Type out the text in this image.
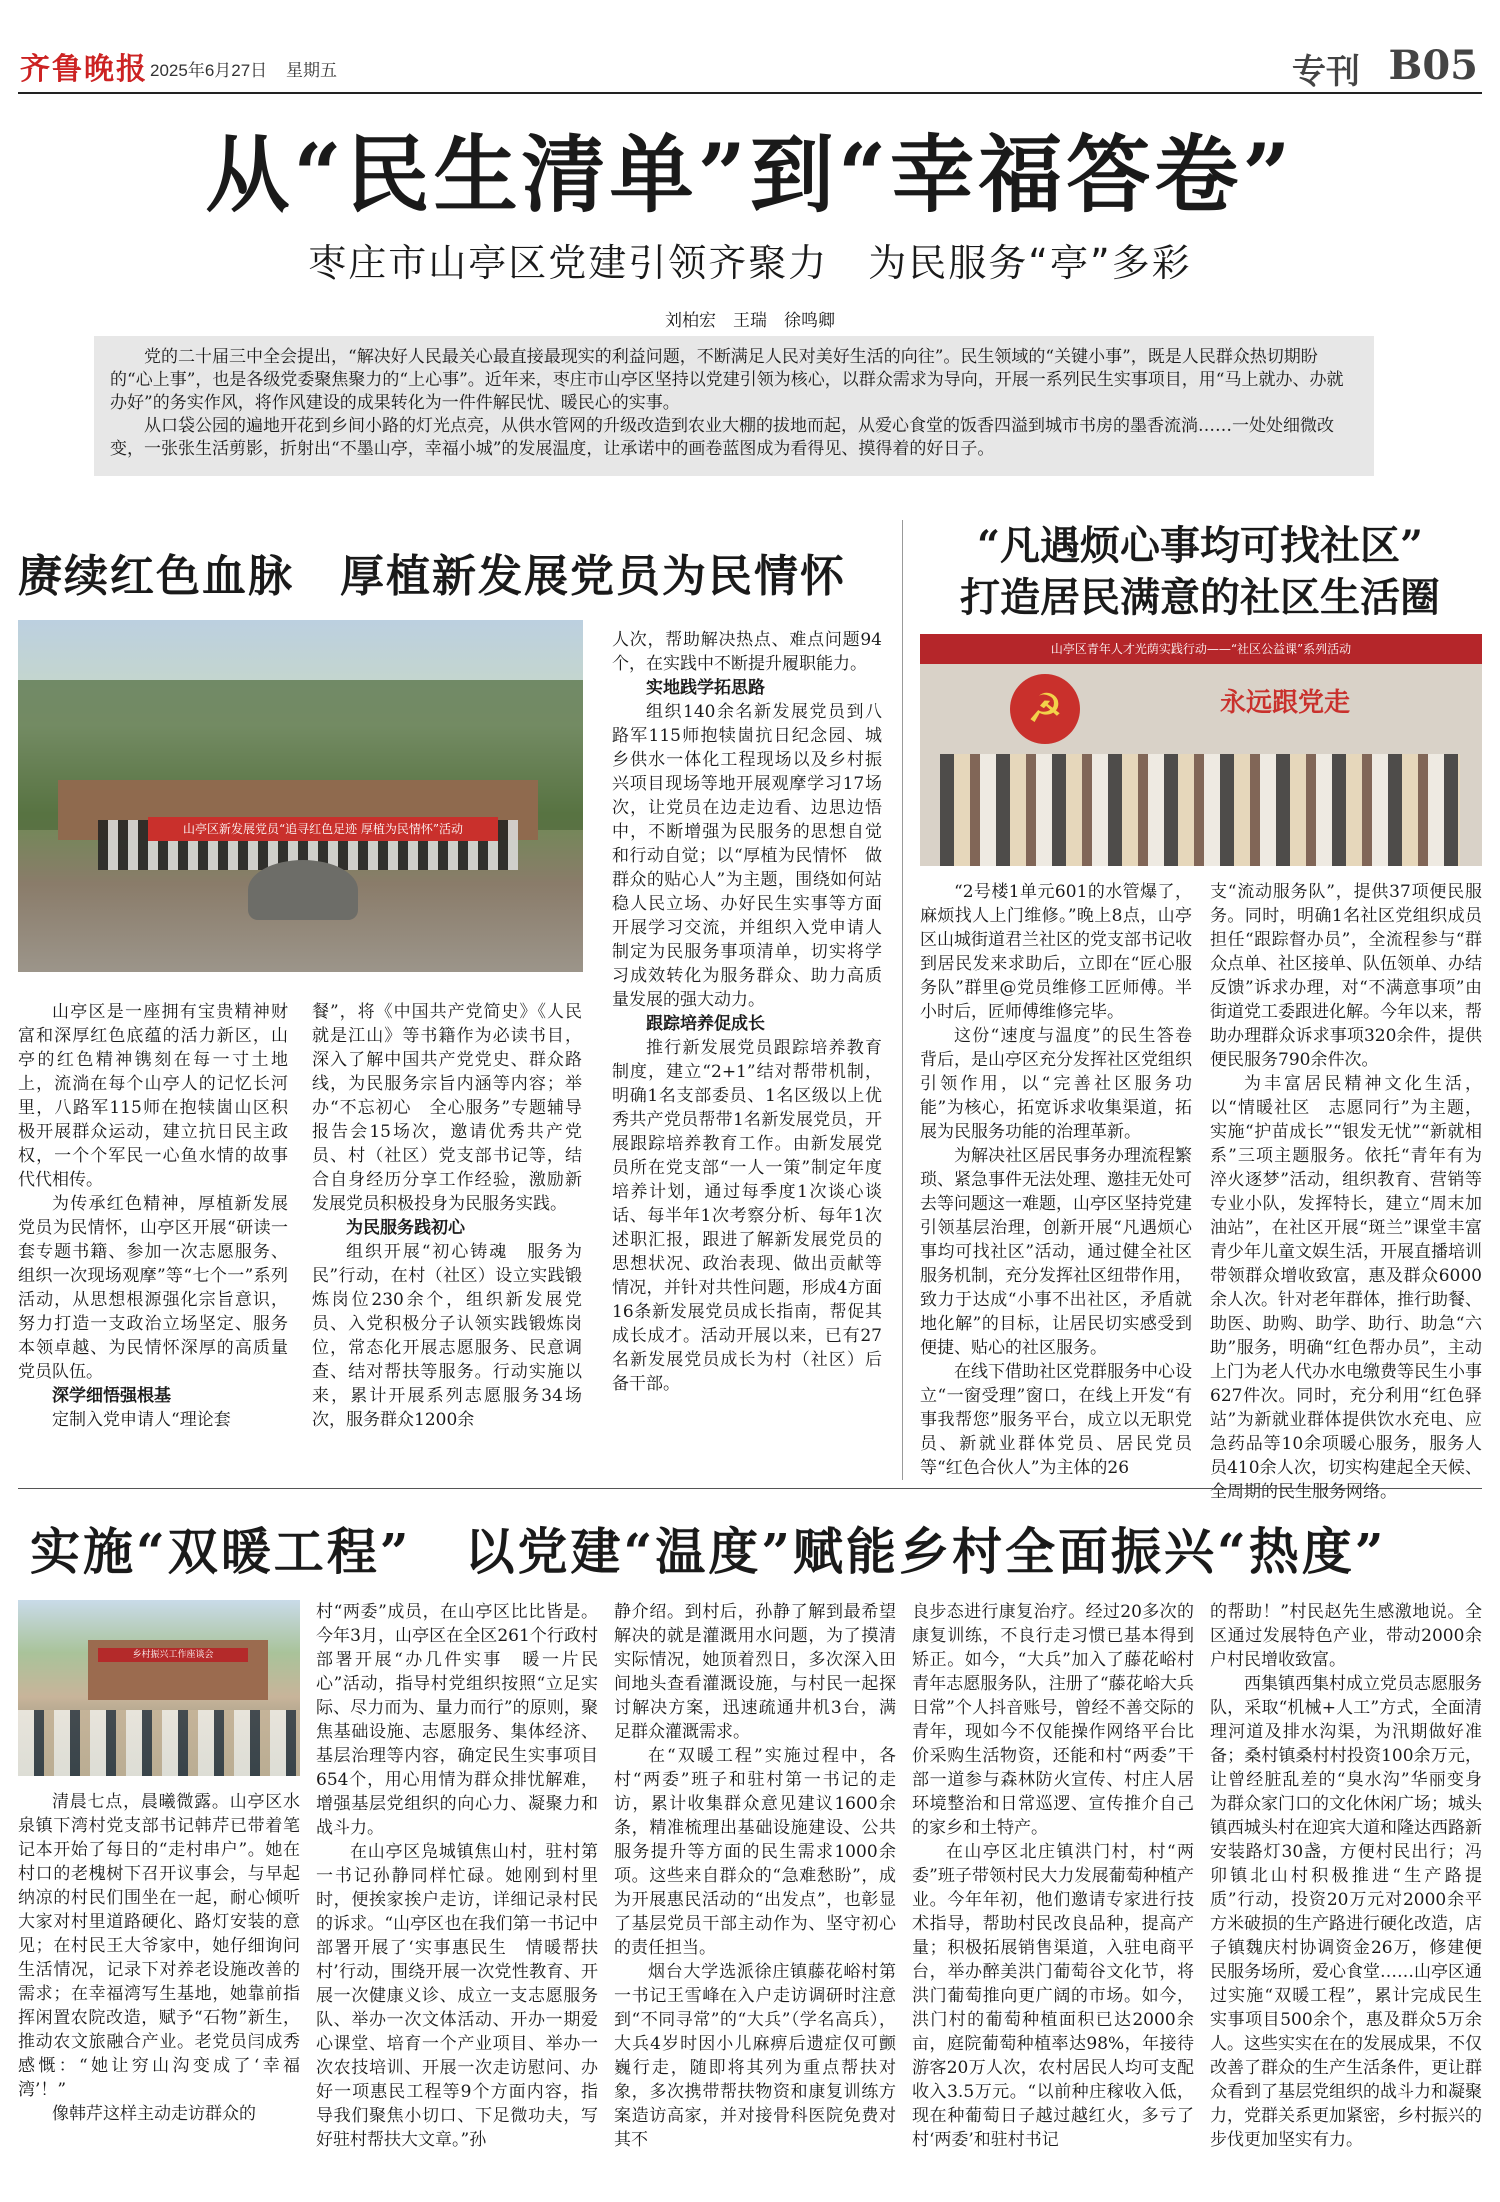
齐鲁晚报 2025年6月27日 星期五	专刊 B05
从“民生清单”到“幸福答卷”
枣庄市山亭区党建引领齐聚力　为民服务“亭”多彩
刘柏宏　王瑞　徐鸣卿

党的二十届三中全会提出，“解决好人民最关心最直接最现实的利益问题，不断满足人民对美好生活的向往”。民生领域的“关键小事”，既是人民群众热切期盼的“心上事”，也是各级党委聚焦聚力的“上心事”。近年来，枣庄市山亭区坚持以党建引领为核心，以群众需求为导向，开展一系列民生实事项目，用“马上就办、办就办好”的务实作风，将作风建设的成果转化为一件件解民忧、暖民心的实事。

从口袋公园的遍地开花到乡间小路的灯光点亮，从供水管网的升级改造到农业大棚的拔地而起，从爱心食堂的饭香四溢到城市书房的墨香流淌……一处处细微改变，一张张生活剪影，折射出“不墨山亭，幸福小城”的发展温度，让承诺中的画卷蓝图成为看得见、摸得着的好日子。

赓续红色血脉　厚植新发展党员为民情怀
山亭区新发展党员“追寻红色足迹 厚植为民情怀”活动

山亭区是一座拥有宝贵精神财富和深厚红色底蕴的活力新区，山亭的红色精神镌刻在每一寸土地上，流淌在每个山亭人的记忆长河里，八路军115师在抱犊崮山区积极开展群众运动，建立抗日民主政权，一个个军民一心鱼水情的故事代代相传。

为传承红色精神，厚植新发展党员为民情怀，山亭区开展“研读一套专题书籍、参加一次志愿服务、组织一次现场观摩”等“七个一”系列活动，从思想根源强化宗旨意识，努力打造一支政治立场坚定、服务本领卓越、为民情怀深厚的高质量党员队伍。

深学细悟强根基

定制入党申请人“理论套

餐”，将《中国共产党简史》《人民就是江山》等书籍作为必读书目，深入了解中国共产党党史、群众路线，为民服务宗旨内涵等内容；举办“不忘初心　全心服务”专题辅导报告会15场次，邀请优秀共产党员、村（社区）党支部书记等，结合自身经历分享工作经验，激励新发展党员积极投身为民服务实践。

为民服务践初心

组织开展“初心铸魂　服务为民”行动，在村（社区）设立实践锻炼岗位230余个，组织新发展党员、入党积极分子认领实践锻炼岗位，常态化开展志愿服务、民意调查、结对帮扶等服务。行动实施以来，累计开展系列志愿服务34场次，服务群众1200余

人次，帮助解决热点、难点问题94个，在实践中不断提升履职能力。

实地践学拓思路

组织140余名新发展党员到八路军115师抱犊崮抗日纪念园、城乡供水一体化工程现场以及乡村振兴项目现场等地开展观摩学习17场次，让党员在边走边看、边思边悟中，不断增强为民服务的思想自觉和行动自觉；以“厚植为民情怀　做群众的贴心人”为主题，围绕如何站稳人民立场、办好民生实事等方面开展学习交流，并组织入党申请人制定为民服务事项清单，切实将学习成效转化为服务群众、助力高质量发展的强大动力。

跟踪培养促成长

推行新发展党员跟踪培养教育制度，建立“2+1”结对帮带机制，明确1名支部委员、1名区级以上优秀共产党员帮带1名新发展党员，开展跟踪培养教育工作。由新发展党员所在党支部“一人一策”制定年度培养计划，通过每季度1次谈心谈话、每半年1次考察分析、每年1次述职汇报，跟进了解新发展党员的思想状况、政治表现、做出贡献等情况，并针对共性问题，形成4方面16条新发展党员成长指南，帮促其成长成才。活动开展以来，已有27名新发展党员成长为村（社区）后备干部。

“凡遇烦心事均可找社区”
打造居民满意的社区生活圈
山亭区青年人才光荫实践行动——“社区公益课”系列活动
☭	永远跟党走

“2号楼1单元601的水管爆了，麻烦找人上门维修。”晚上8点，山亭区山城街道君兰社区的党支部书记收到居民发来求助后，立即在“匠心服务队”群里@党员维修工匠师傅。半小时后，匠师傅维修完毕。

这份“速度与温度”的民生答卷背后，是山亭区充分发挥社区党组织引领作用，以“完善社区服务功能”为核心，拓宽诉求收集渠道，拓展为民服务功能的治理革新。

为解决社区居民事务办理流程繁琐、紧急事件无法处理、邀挂无处可去等问题这一难题，山亭区坚持党建引领基层治理，创新开展“凡遇烦心事均可找社区”活动，通过健全社区服务机制，充分发挥社区纽带作用，致力于达成“小事不出社区，矛盾就地化解”的目标，让居民切实感受到便捷、贴心的社区服务。

在线下借助社区党群服务中心设立“一窗受理”窗口，在线上开发“有事我帮您”服务平台，成立以无职党员、新就业群体党员、居民党员等“红色合伙人”为主体的26

支“流动服务队”，提供37项便民服务。同时，明确1名社区党组织成员担任“跟踪督办员”，全流程参与“群众点单、社区接单、队伍领单、办结反馈”诉求办理，对“不满意事项”由街道党工委跟进化解。今年以来，帮助办理群众诉求事项320余件，提供便民服务790余件次。

为丰富居民精神文化生活，以“情暖社区　志愿同行”为主题，实施“护苗成长”“银发无忧”“新就相系”三项主题服务。依托“青年有为　淬火逐梦”活动，组织教育、营销等专业小队，发挥特长，建立“周末加油站”，在社区开展“斑兰”课堂丰富青少年儿童文娱生活，开展直播培训带领群众增收致富，惠及群众6000余人次。针对老年群体，推行助餐、助医、助购、助学、助行、助急“六助”服务，明确“红色帮办员”，主动上门为老人代办水电缴费等民生小事627件次。同时，充分利用“红色驿站”为新就业群体提供饮水充电、应急药品等10余项暖心服务，服务人员410余人次，切实构建起全天候、全周期的民生服务网络。

实施“双暖工程”　以党建“温度”赋能乡村全面振兴“热度”
乡村振兴工作座谈会

清晨七点，晨曦微露。山亭区水泉镇下湾村党支部书记韩芹已带着笔记本开始了每日的“走村串户”。她在村口的老槐树下召开议事会，与早起纳凉的村民们围坐在一起，耐心倾听大家对村里道路硬化、路灯安装的意见；在村民王大爷家中，她仔细询问生活情况，记录下对养老设施改善的需求；在幸福湾写生基地，她靠前指挥闲置农院改造，赋予“石物”新生，推动农文旅融合产业。老党员闫成秀感慨：“她让穷山沟变成了‘幸福湾’！”

像韩芹这样主动走访群众的

村“两委”成员，在山亭区比比皆是。今年3月，山亭区在全区261个行政村部署开展“办几件实事　暖一片民心”活动，指导村党组织按照“立足实际、尽力而为、量力而行”的原则，聚焦基础设施、志愿服务、集体经济、基层治理等内容，确定民生实事项目654个，用心用情为群众排忧解难，增强基层党组织的向心力、凝聚力和战斗力。

在山亭区凫城镇焦山村，驻村第一书记孙静同样忙碌。她刚到村里时，便挨家挨户走访，详细记录村民的诉求。“山亭区也在我们第一书记中部署开展了‘实事惠民生　情暖帮扶村’行动，围绕开展一次党性教育、开展一次健康义诊、成立一支志愿服务队、举办一次文体活动、开办一期爱心课堂、培育一个产业项目、举办一次农技培训、开展一次走访慰问、办好一项惠民工程等9个方面内容，指导我们聚焦小切口、下足微功夫，写好驻村帮扶大文章。”孙

静介绍。到村后，孙静了解到最希望解决的就是灌溉用水问题，为了摸清实际情况，她顶着烈日，多次深入田间地头查看灌溉设施，与村民一起探讨解决方案，迅速疏通井机3台，满足群众灌溉需求。

在“双暖工程”实施过程中，各村“两委”班子和驻村第一书记的走访，累计收集群众意见建议1600余条，精准梳理出基础设施建设、公共服务提升等方面的民生需求1000余项。这些来自群众的“急难愁盼”，成为开展惠民活动的“出发点”，也彰显了基层党员干部主动作为、坚守初心的责任担当。

烟台大学选派徐庄镇藤花峪村第一书记王雪峰在入户走访调研时注意到“不同寻常”的“大兵”（学名高兵），大兵4岁时因小儿麻痹后遗症仅可颤巍行走，随即将其列为重点帮扶对象，多次携带帮扶物资和康复训练方案造访高家，并对接骨科医院免费对其不

良步态进行康复治疗。经过20多次的康复训练，不良行走习惯已基本得到矫正。如今，“大兵”加入了藤花峪村青年志愿服务队，注册了“藤花峪大兵日常”个人抖音账号，曾经不善交际的青年，现如今不仅能操作网络平台比价采购生活物资，还能和村“两委”干部一道参与森林防火宣传、村庄人居环境整治和日常巡逻、宣传推介自己的家乡和土特产。

在山亭区北庄镇洪门村，村“两委”班子带领村民大力发展葡萄种植产业。今年年初，他们邀请专家进行技术指导，帮助村民改良品种，提高产量；积极拓展销售渠道，入驻电商平台，举办醉美洪门葡萄谷文化节，将洪门葡萄推向更广阔的市场。如今，洪门村的葡萄种植面积已达2000余亩，庭院葡萄种植率达98%，年接待游客20万人次，农村居民人均可支配收入3.5万元。“以前种庄稼收入低，现在种葡萄日子越过越红火，多亏了村‘两委’和驻村书记

的帮助！”村民赵先生感激地说。全区通过发展特色产业，带动2000余户村民增收致富。

西集镇西集村成立党员志愿服务队，采取“机械+人工”方式，全面清理河道及排水沟渠，为汛期做好准备；桑村镇桑村村投资100余万元，让曾经脏乱差的“臭水沟”华丽变身为群众家门口的文化休闲广场；城头镇西城头村在迎宾大道和隆达西路新安装路灯30盏，方便村民出行；冯卯镇北山村积极推进“生产路提质”行动，投资20万元对2000余平方米破损的生产路进行硬化改造，店子镇魏庆村协调资金26万，修建便民服务场所，爱心食堂……山亭区通过实施“双暖工程”，累计完成民生实事项目500余个，惠及群众5万余人。这些实实在在的发展成果，不仅改善了群众的生产生活条件，更让群众看到了基层党组织的战斗力和凝聚力，党群关系更加紧密，乡村振兴的步伐更加坚实有力。
